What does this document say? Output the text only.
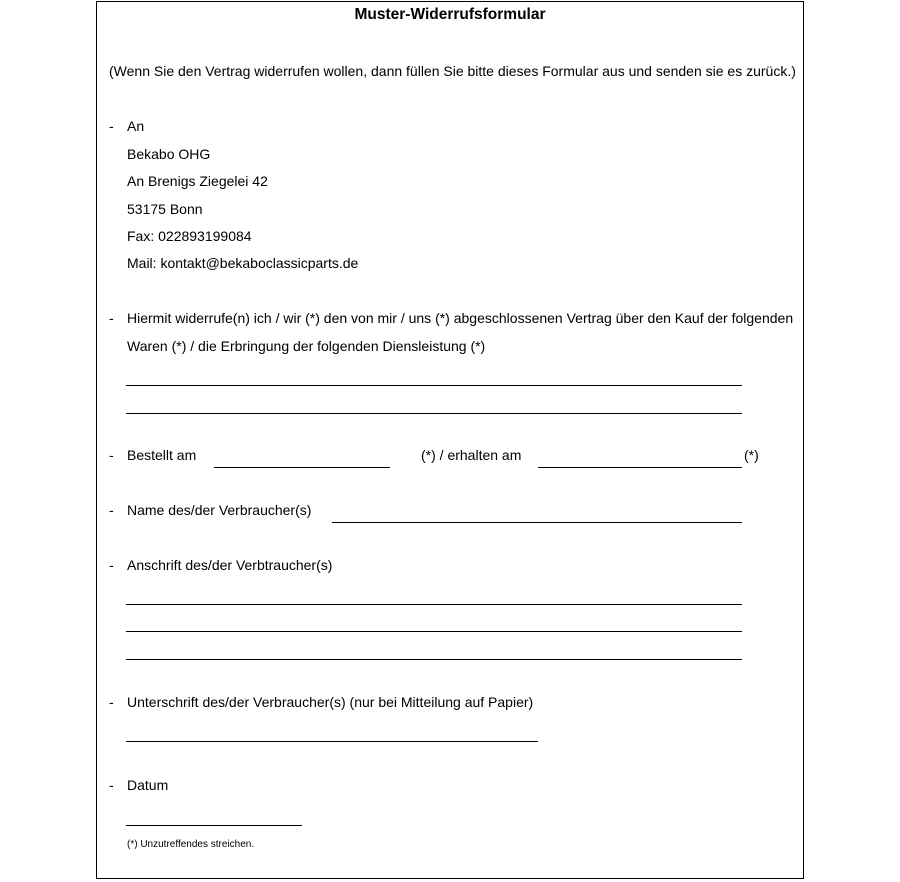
Muster-Widerrufsformular
(Wenn Sie den Vertrag widerrufen wollen, dann füllen Sie bitte dieses Formular aus und senden sie es zurück.)
- An
Bekabo OHG
An Brenigs Ziegelei 42
53175 Bonn
Fax: 022893199084
Mail: kontakt@bekaboclassicparts.de
- Hiermit widerrufe(n) ich / wir (*) den von mir / uns (*) abgeschlossenen Vertrag über den Kauf der folgenden
Waren (*) / die Erbringung der folgenden Diensleistung (*)
- Bestellt am	(*) / erhalten am	(*)
- Name des/der Verbraucher(s)
- Anschrift des/der Verbtraucher(s)
- Unterschrift des/der Verbraucher(s) (nur bei Mitteilung auf Papier)
- Datum
(*) Unzutreffendes streichen.
